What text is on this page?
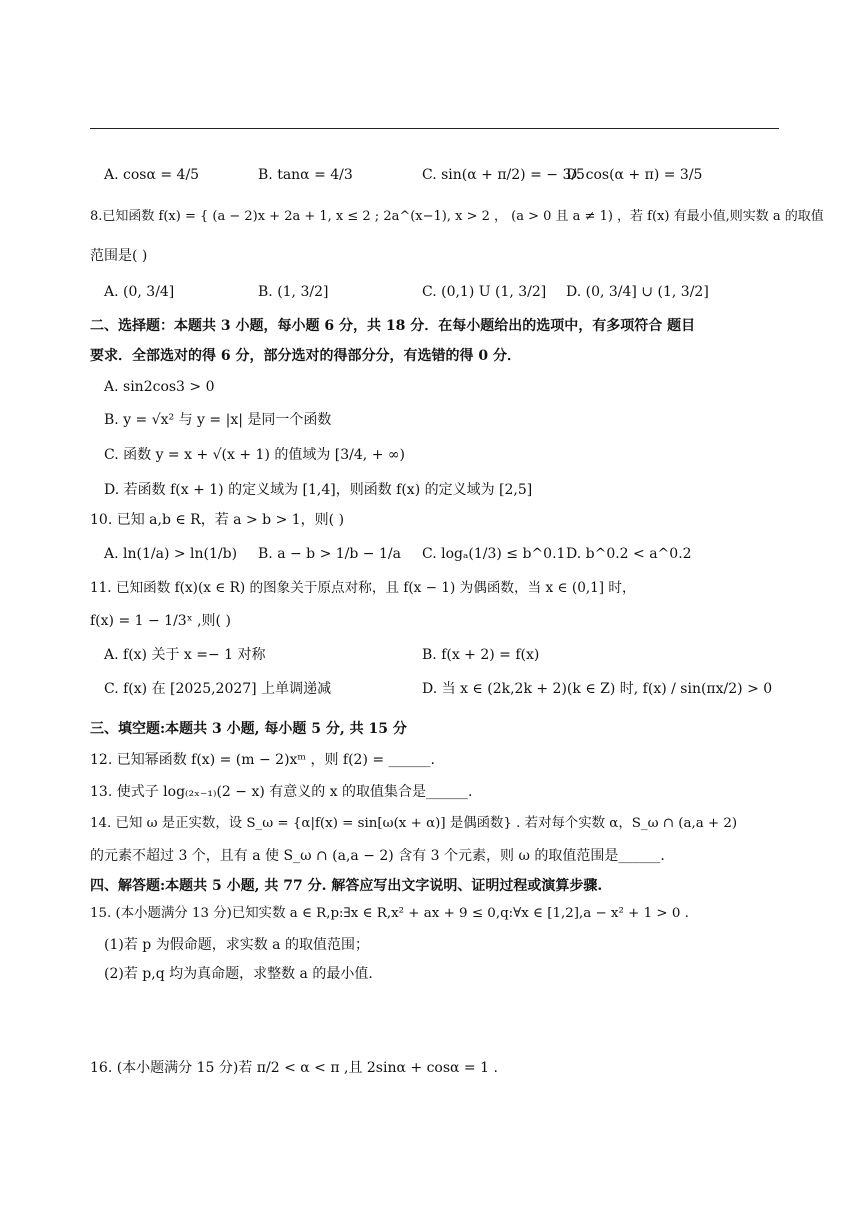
A. cosα = 4/5	B. tanα = 4/3	C. sin(α + π/2) = − 3/5
D. cos(α + π) = 3/5
8.已知函数 f(x) = { (a − 2)x + 2a + 1, x ≤ 2 ; 2a^(x−1), x > 2 ， (a > 0 且 a ≠ 1) ，若 f(x) 有最小值,则实数 a 的取值
范围是( )
A. (0, 3/4]	B. (1, 3/2]	C. (0,1) U (1, 3/2] D. (0, 3/4] ∪ (1, 3/2]
二、选择题：本题共 3 小题，每小题 6 分，共 18 分．在每小题给出的选项中，有多项符合 题目
要求．全部选对的得 6 分，部分选对的得部分分，有选错的得 0 分．
A. sin2cos3 > 0
B. y = √x² 与 y = |x| 是同一个函数
C. 函数 y = x + √(x + 1) 的值域为 [3/4, + ∞)
D. 若函数 f(x + 1) 的定义域为 [1,4]，则函数 f(x) 的定义域为 [2,5]
10. 已知 a,b ∈ R，若 a > b > 1，则( )
A. ln(1/a) > ln(1/b) B. a − b > 1/b − 1/a C. logₐ(1/3) ≤ b^0.1 D. b^0.2 < a^0.2
11. 已知函数 f(x)(x ∈ R) 的图象关于原点对称，且 f(x − 1) 为偶函数，当 x ∈ (0,1] 时，
f(x) = 1 − 1/3ˣ ,则( )
A. f(x) 关于 x =− 1 对称	B. f(x + 2) = f(x)
C. f(x) 在 [2025,2027] 上单调递减	D. 当 x ∈ (2k,2k + 2)(k ∈ Z) 时, f(x) / sin(πx/2) > 0
三、填空题:本题共 3 小题, 每小题 5 分, 共 15 分
12. 已知幂函数 f(x) = (m − 2)xᵐ ，则 f(2) = ______.
13. 使式子 log₍₂ₓ₋₁₎(2 − x) 有意义的 x 的取值集合是______.
14. 已知 ω 是正实数，设 S_ω = {α|f(x) = sin[ω(x + α)] 是偶函数} . 若对每个实数 α，S_ω ∩ (a,a + 2)
的元素不超过 3 个，且有 a 使 S_ω ∩ (a,a − 2) 含有 3 个元素，则 ω 的取值范围是______.
四、解答题:本题共 5 小题, 共 77 分. 解答应写出文字说明、证明过程或演算步骤.
15. (本小题满分 13 分)已知实数 a ∈ R,p:∃x ∈ R,x² + ax + 9 ≤ 0,q:∀x ∈ [1,2],a − x² + 1 > 0 .
(1)若 p 为假命题，求实数 a 的取值范围；
(2)若 p,q 均为真命题，求整数 a 的最小值.
16. (本小题满分 15 分)若 π/2 < α < π ,且 2sinα + cosα = 1 .
